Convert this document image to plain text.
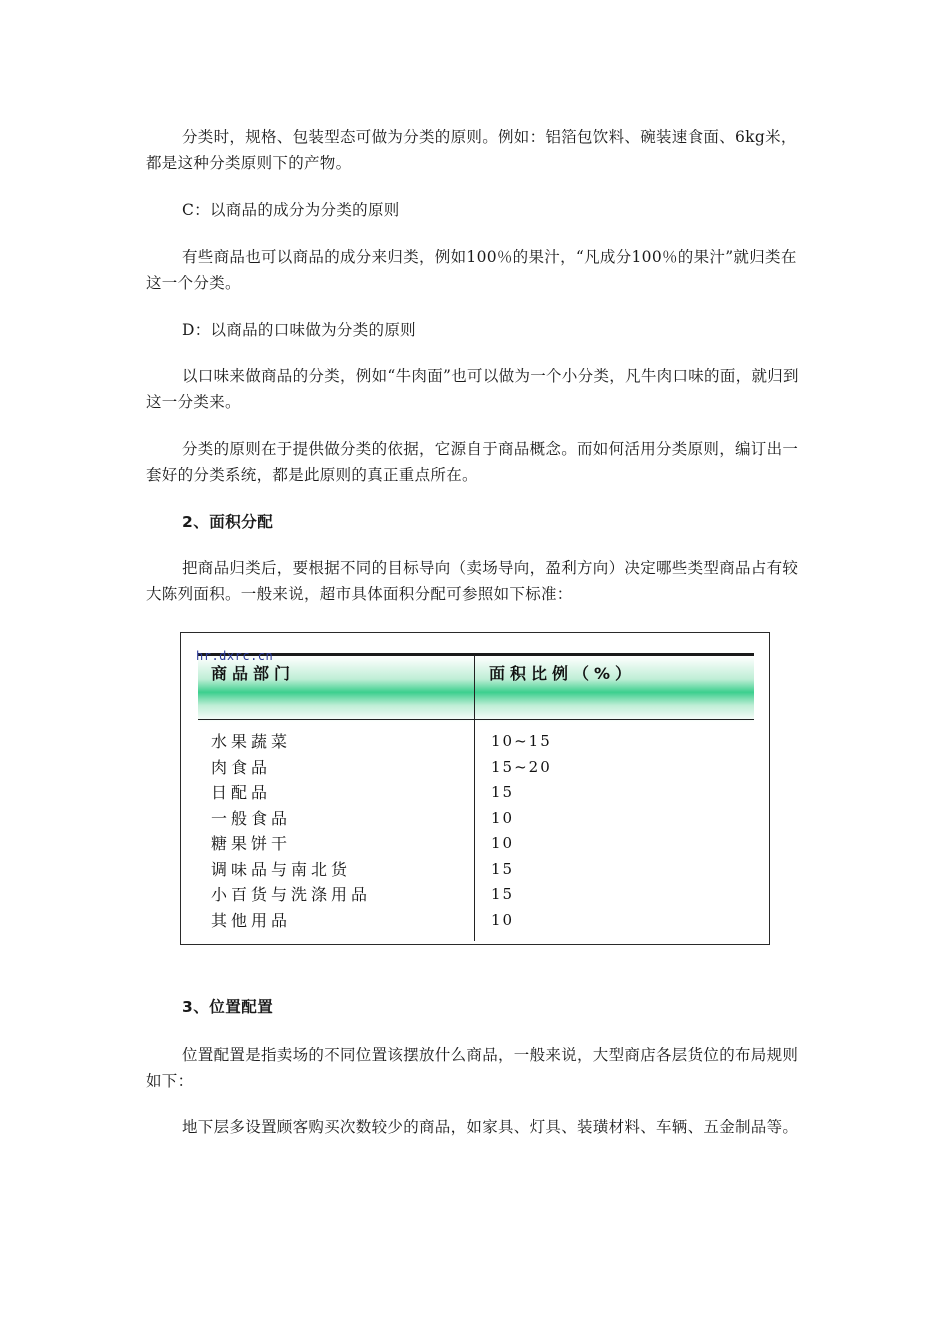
分类时，规格、包装型态可做为分类的原则。例如：铝箔包饮料、碗装速食面、6kg米，都是这种分类原则下的产物。

C：以商品的成分为分类的原则

有些商品也可以商品的成分来归类，例如100％的果汁，“凡成分100％的果汁”就归类在这一个分类。

D：以商品的口味做为分类的原则

以口味来做商品的分类，例如“牛肉面”也可以做为一个小分类，凡牛肉口味的面，就归到这一分类来。

分类的原则在于提供做分类的依据，它源自于商品概念。而如何活用分类原则，编订出一套好的分类系统，都是此原则的真正重点所在。

2、面积分配

把商品归类后，要根据不同的目标导向（卖场导向，盈利方向）决定哪些类型商品占有较大陈列面积。一般来说，超市具体面积分配可参照如下标准：

hr.dxrc.cn
商品部门	面积比例（%）
水果蔬菜
肉食品
日配品
一般食品
糖果饼干
调味品与南北货
小百货与洗涤用品
其他用品
10~15
15~20
15
10
10
15
15
10

3、位置配置

位置配置是指卖场的不同位置该摆放什么商品，一般来说，大型商店各层货位的布局规则如下：

地下层多设置顾客购买次数较少的商品，如家具、灯具、装璜材料、车辆、五金制品等。
